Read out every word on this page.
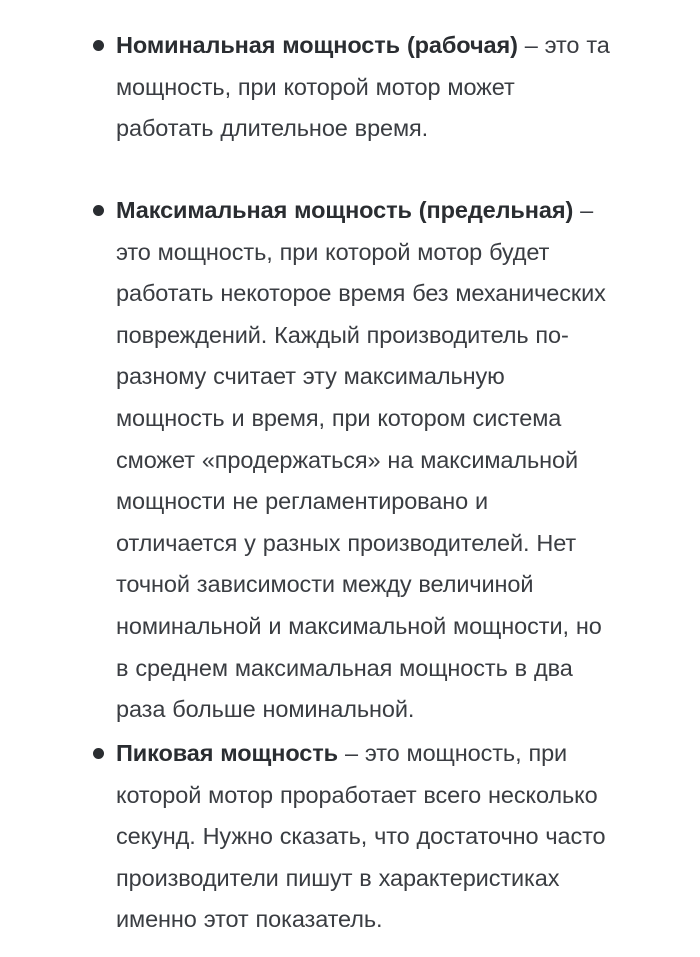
Номинальная мощность (рабочая) – это та
мощность, при которой мотор может
работать длительное время.
Максимальная мощность (предельная) –
это мощность, при которой мотор будет
работать некоторое время без механических
повреждений. Каждый производитель по-
разному считает эту максимальную
мощность и время, при котором система
сможет «продержаться» на максимальной
мощности не регламентировано и
отличается у разных производителей. Нет
точной зависимости между величиной
номинальной и максимальной мощности, но
в среднем максимальная мощность в два
раза больше номинальной.
Пиковая мощность – это мощность, при
которой мотор проработает всего несколько
секунд. Нужно сказать, что достаточно часто
производители пишут в характеристиках
именно этот показатель.
